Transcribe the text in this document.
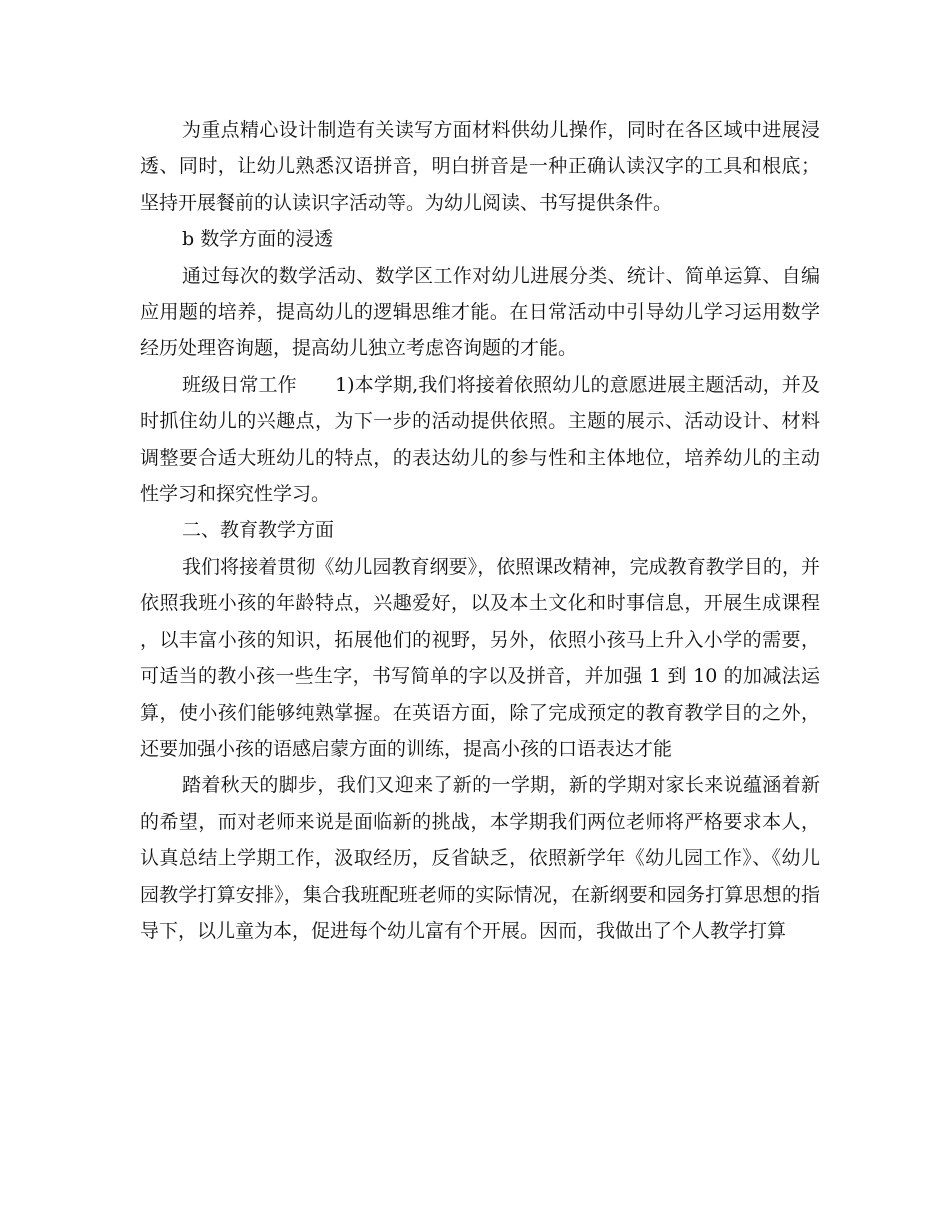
为重点精心设计制造有关读写方面材料供幼儿操作，同时在各区域中进展浸透、同时，让幼儿熟悉汉语拼音，明白拼音是一种正确认读汉字的工具和根底；坚持开展餐前的认读识字活动等。为幼儿阅读、书写提供条件。

b 数学方面的浸透

通过每次的数学活动、数学区工作对幼儿进展分类、统计、简单运算、自编应用题的培养，提高幼儿的逻辑思维才能。在日常活动中引导幼儿学习运用数学经历处理咨询题，提高幼儿独立考虑咨询题的才能。

班级日常工作　　1)本学期,我们将接着依照幼儿的意愿进展主题活动，并及时抓住幼儿的兴趣点，为下一步的活动提供依照。主题的展示、活动设计、材料调整要合适大班幼儿的特点，的表达幼儿的参与性和主体地位，培养幼儿的主动性学习和探究性学习。

二、教育教学方面

我们将接着贯彻《幼儿园教育纲要》，依照课改精神，完成教育教学目的，并依照我班小孩的年龄特点，兴趣爱好，以及本土文化和时事信息，开展生成课程，以丰富小孩的知识，拓展他们的视野，另外，依照小孩马上升入小学的需要，可适当的教小孩一些生字，书写简单的字以及拼音，并加强 1 到 10 的加减法运算，使小孩们能够纯熟掌握。在英语方面，除了完成预定的教育教学目的之外，还要加强小孩的语感启蒙方面的训练，提高小孩的口语表达才能

踏着秋天的脚步，我们又迎来了新的一学期，新的学期对家长来说蕴涵着新的希望，而对老师来说是面临新的挑战，本学期我们两位老师将严格要求本人，认真总结上学期工作，汲取经历，反省缺乏，依照新学年《幼儿园工作》、《幼儿园教学打算安排》，集合我班配班老师的实际情况，在新纲要和园务打算思想的指导下，以儿童为本，促进每个幼儿富有个开展。因而，我做出了个人教学打算
